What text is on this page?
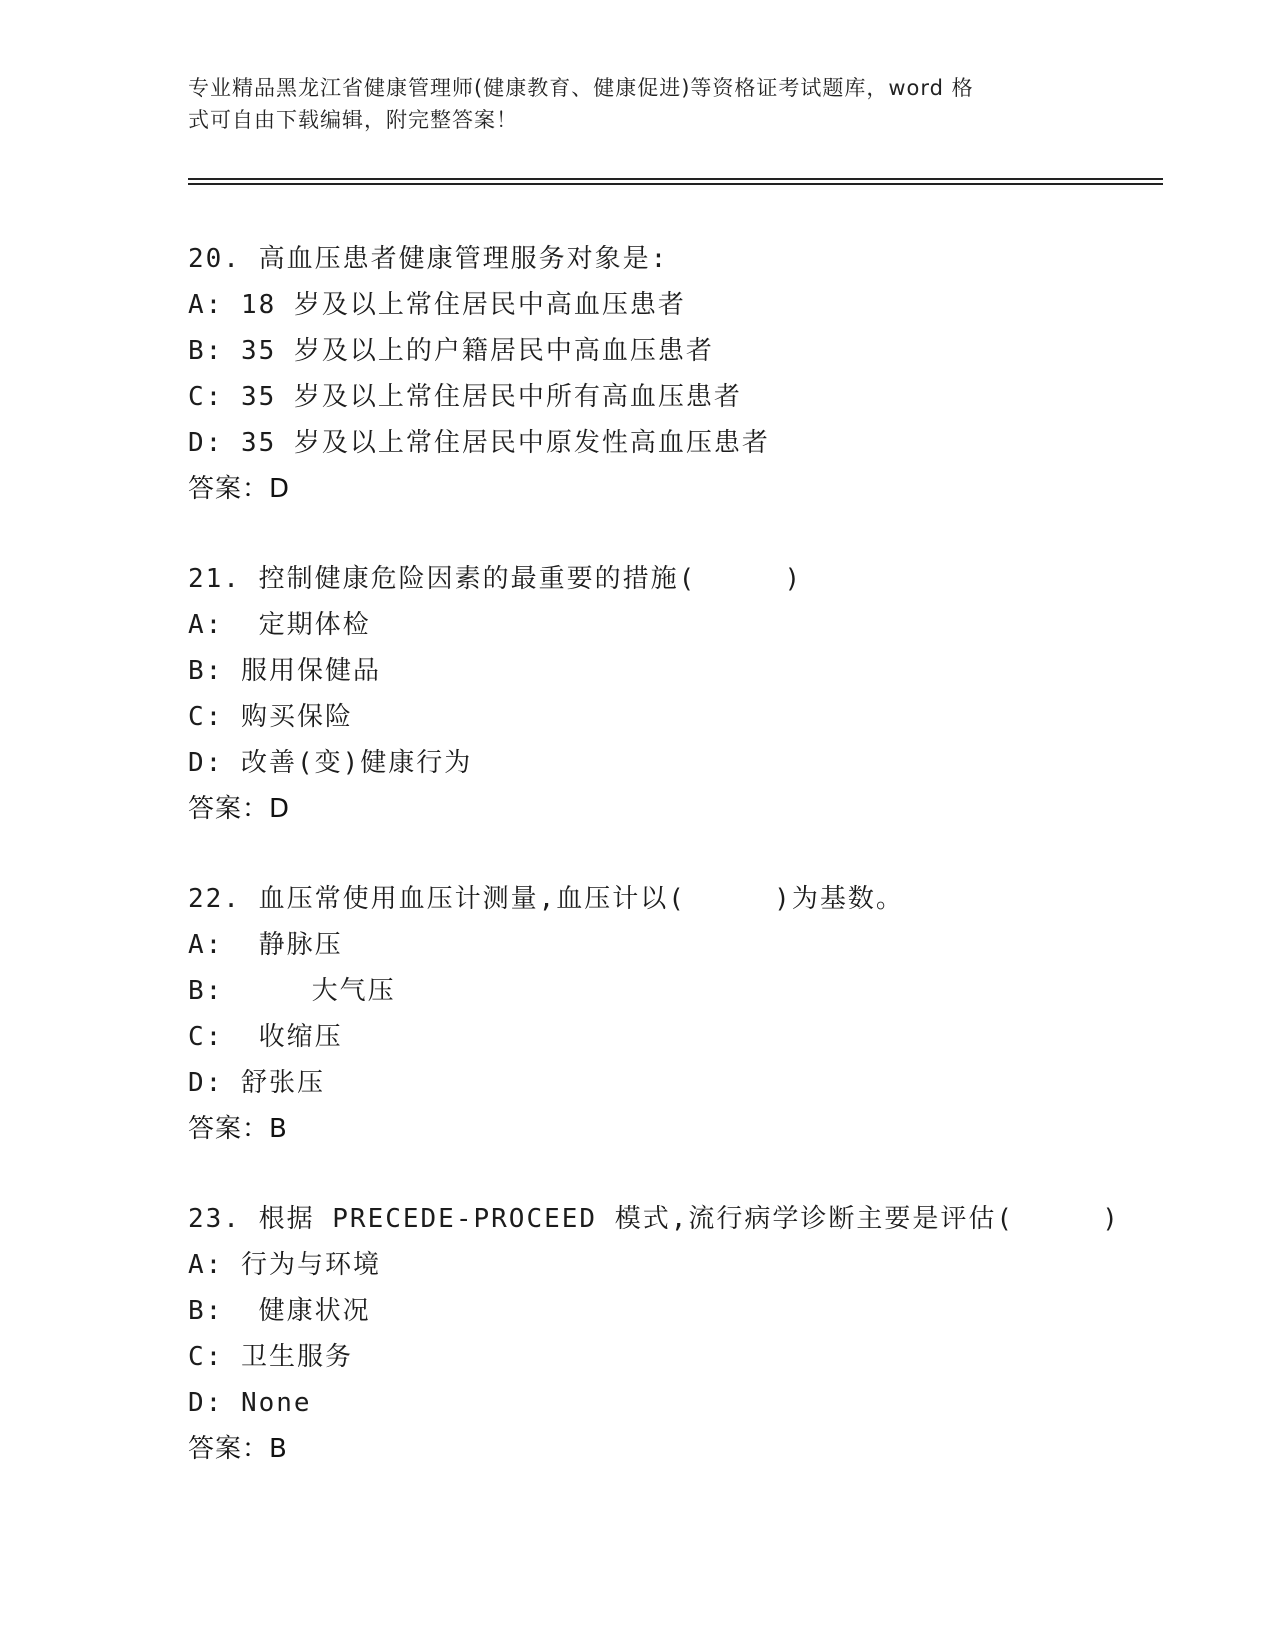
专业精品黑龙江省健康管理师(健康教育、健康促进)等资格证考试题库，word 格
式可自由下载编辑，附完整答案！
20. 高血压患者健康管理服务对象是:
A: 18 岁及以上常住居民中高血压患者
B: 35 岁及以上的户籍居民中高血压患者
C: 35 岁及以上常住居民中所有高血压患者
D: 35 岁及以上常住居民中原发性高血压患者
答案：D
21. 控制健康危险因素的最重要的措施(     )
A:  定期体检
B: 服用保健品
C: 购买保险
D: 改善(变)健康行为
答案：D
22. 血压常使用血压计测量,血压计以(     )为基数。
A:  静脉压
B:     大气压
C:  收缩压
D: 舒张压
答案：B
23. 根据 PRECEDE-PROCEED 模式,流行病学诊断主要是评估(     )
A: 行为与环境
B:  健康状况
C: 卫生服务
D: None
答案：B
